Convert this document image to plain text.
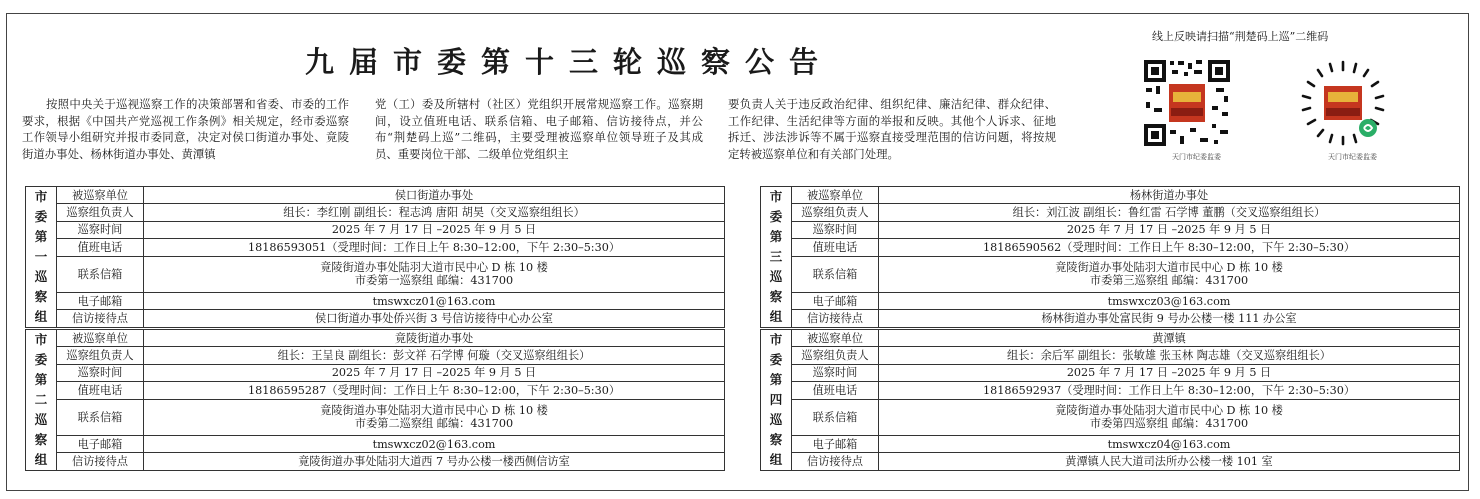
九届市委第十三轮巡察公告
按照中央关于巡视巡察工作的决策部署和省委、市委的工作要求，根据《中国共产党巡视工作条例》相关规定，经市委巡察工作领导小组研究并报市委同意，决定对侯口街道办事处、竟陵街道办事处、杨林街道办事处、黄潭镇
党（工）委及所辖村（社区）党组织开展常规巡察工作。巡察期间，设立值班电话、联系信箱、电子邮箱、信访接待点，并公布“荆楚码上巡”二维码，主要受理被巡察单位领导班子及其成员、重要岗位干部、二级单位党组织主
要负责人关于违反政治纪律、组织纪律、廉洁纪律、群众纪律、工作纪律、生活纪律等方面的举报和反映。其他个人诉求、征地拆迁、涉法涉诉等不属于巡察直接受理范围的信访问题，将按规定转被巡察单位和有关部门处理。
线上反映请扫描“荆楚码上巡”二维码
天门市纪委监委	天门市纪委监委
市委第一巡察组	被巡察单位	侯口街道办事处
	巡察组负责人	组长：李红刚 副组长：程志鸿 唐阳 胡昊（交叉巡察组组长）
	巡察时间	2025 年 7 月 17 日 –2025 年 9 月 5 日
	值班电话	18186593051（受理时间：工作日上午 8:30–12:00，下午 2:30–5:30）
	联系信箱	竟陵街道办事处陆羽大道市民中心 D 栋 10 楼
市委第一巡察组 邮编：431700

	电子邮箱	tmswxcz01@163.com
	信访接待点	侯口街道办事处侨兴街 3 号信访接待中心办公室
市委第二巡察组	被巡察单位	竟陵街道办事处
	巡察组负责人	组长：王呈良 副组长：彭文祥 石学博 何璇（交叉巡察组组长）
	巡察时间	2025 年 7 月 17 日 –2025 年 9 月 5 日
	值班电话	18186595287（受理时间：工作日上午 8:30–12:00，下午 2:30–5:30）
	联系信箱	竟陵街道办事处陆羽大道市民中心 D 栋 10 楼
市委第二巡察组 邮编：431700

	电子邮箱	tmswxcz02@163.com
	信访接待点	竟陵街道办事处陆羽大道西 7 号办公楼一楼西侧信访室
市委第三巡察组	被巡察单位	杨林街道办事处
	巡察组负责人	组长：刘江波 副组长：鲁红雷 石学博 董鹏（交叉巡察组组长）
	巡察时间	2025 年 7 月 17 日 –2025 年 9 月 5 日
	值班电话	18186590562（受理时间：工作日上午 8:30–12:00，下午 2:30–5:30）
	联系信箱	竟陵街道办事处陆羽大道市民中心 D 栋 10 楼
市委第三巡察组 邮编：431700

	电子邮箱	tmswxcz03@163.com
	信访接待点	杨林街道办事处富民街 9 号办公楼一楼 111 办公室
市委第四巡察组	被巡察单位	黄潭镇
	巡察组负责人	组长：余后军 副组长：张敏雄 张玉林 陶志雄（交叉巡察组组长）
	巡察时间	2025 年 7 月 17 日 –2025 年 9 月 5 日
	值班电话	18186592937（受理时间：工作日上午 8:30–12:00，下午 2:30–5:30）
	联系信箱	竟陵街道办事处陆羽大道市民中心 D 栋 10 楼
市委第四巡察组 邮编：431700

	电子邮箱	tmswxcz04@163.com
	信访接待点	黄潭镇人民大道司法所办公楼一楼 101 室
